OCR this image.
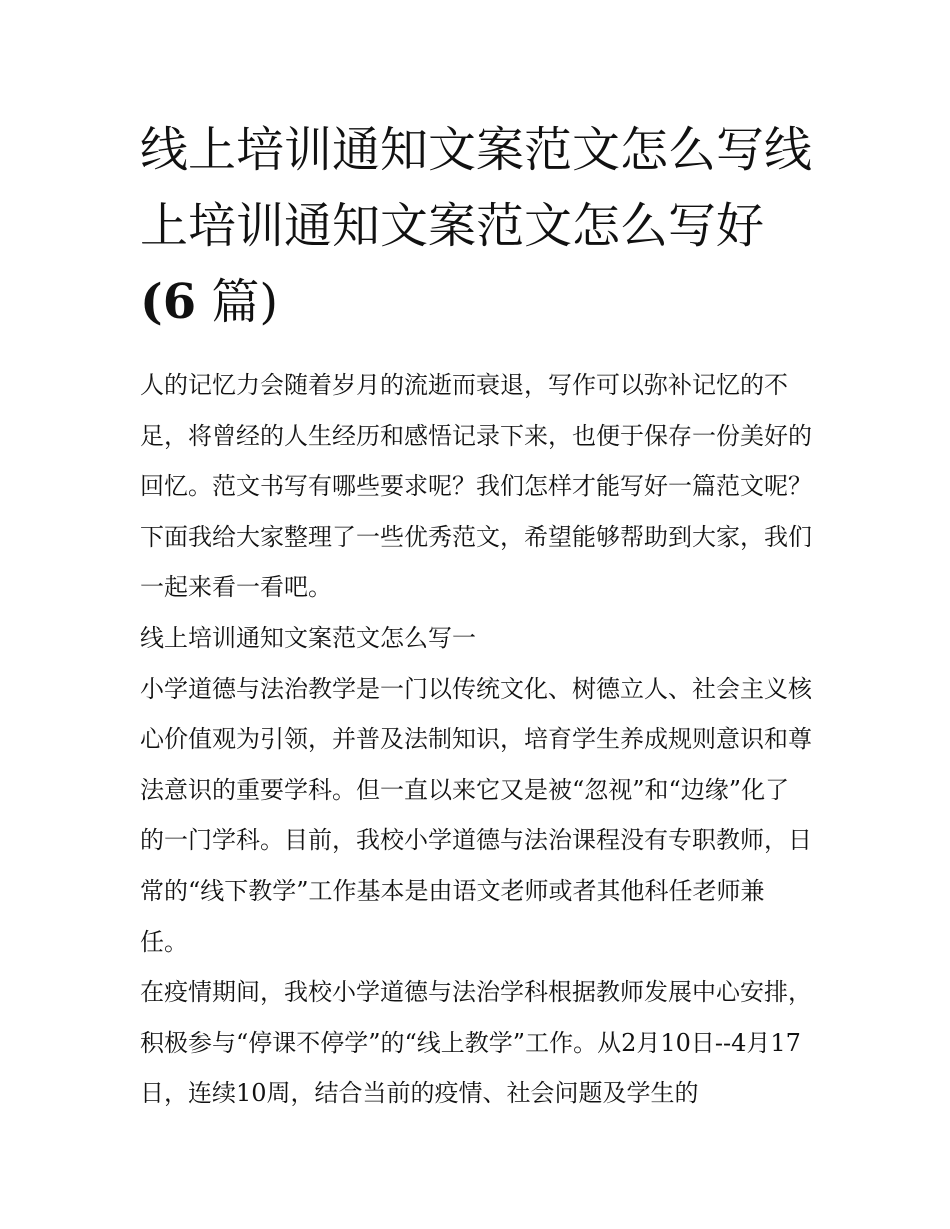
线上培训通知文案范文怎么写线上培训通知文案范文怎么写好(6 篇)

人的记忆力会随着岁月的流逝而衰退，写作可以弥补记忆的不足，将曾经的人生经历和感悟记录下来，也便于保存一份美好的回忆。范文书写有哪些要求呢？我们怎样才能写好一篇范文呢？下面我给大家整理了一些优秀范文，希望能够帮助到大家，我们一起来看一看吧。

线上培训通知文案范文怎么写一

小学道德与法治教学是一门以传统文化、树德立人、社会主义核心价值观为引领，并普及法制知识，培育学生养成规则意识和尊法意识的重要学科。但一直以来它又是被“忽视”和“边缘”化了的一门学科。目前，我校小学道德与法治课程没有专职教师，日常的“线下教学”工作基本是由语文老师或者其他科任老师兼任。

在疫情期间，我校小学道德与法治学科根据教师发展中心安排，积极参与“停课不停学”的“线上教学”工作。从2月10日--4月17日，连续10周，结合当前的疫情、社会问题及学生的
